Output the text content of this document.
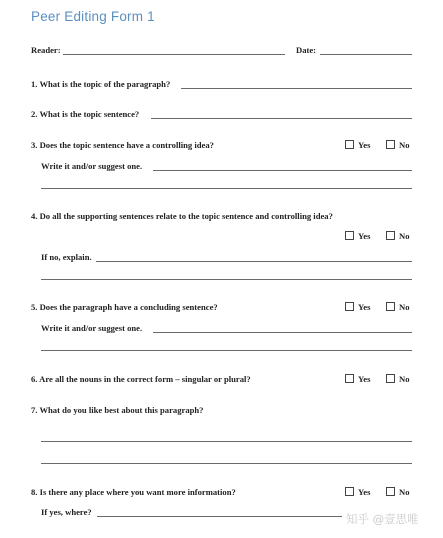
Peer Editing Form 1
Reader:	Date:
1. What is the topic of the paragraph?
2. What is the topic sentence?
3. Does the topic sentence have a controlling idea?	Yes	No
Write it and/or suggest one.
4. Do all the supporting sentences relate to the topic sentence and controlling idea?
Yes	No
If no, explain.
5. Does the paragraph have a concluding sentence?	Yes	No
Write it and/or suggest one.
6. Are all the nouns in the correct form – singular or plural?	Yes	No
7. What do you like best about this paragraph?
8. Is there any place where you want more information?	Yes	No
If yes, where?	知乎 @壹思唯
